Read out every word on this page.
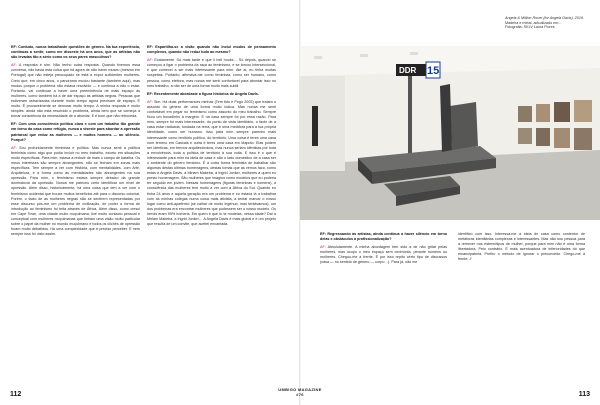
EF: Contudo, nunca trabalhaste questões de género. Na tua experiência, continuas a sentir, como me disseste há uns anos, que as artistas não são levadas tão a sério como os seus pares masculinos?

AF: A resposta é sim. Não tenho outra resposta. Quando tivemos essa conversa, não havia esta coisa que há agora de não haver museu (mesmo em Portugal) que não esteja preocupado se está a expor suficientes mulheres. Creio que, em cinco anos, o panorama mudou bastante (também aqui), mas mudou porque o problema não estava resolvido — e continua a não o estar. Portanto, vai continuar a haver uma preeminência de mais espaço às mulheres, como também há a de dar espaço às artistas negras. Pessoas que estiveram ostracizadas durante muito tempo agora precisam de espaço. É muito. É provavelmente se demorar muito tempo. A minha resposta é muito simples: ainda não está resolvido o problema, ainda bem que se começa a tornar consciência da necessidade de a abordar. E é bom que não retroceda.

EF: Com uma consciência política clara e com um trabalho tão grande em torno da casa como refúgio, nunca a viseste para abordar a opressão patriarcal que reduz as mulheres — e muitos homens — ao silêncio. Porquê?

AF: Sou profundamente feminista e política. Mas nunca senti a política feminista como algo que podia incluir no meu trabalho, exceto em situações muito específicas. Para mim, estava a reduzir de mais o campo de batalha. Os meus interesses são sempre abrangentes, não se fecham em zonas mais específicas. Tem sempre a ver com História, com mentalidades, com Arte, Arquitetura, e a forma como as mentalidades são abrangentes na sua opressão. Para mim, o feminismo estava sempre debaixo da grande dominância da opressão. Nunca me pareceu certo identificar um nível de opressão. Além disso, historicamente, há uma coisa que tem a ver com o feminismo ocidental que trouxe muitos benefícios até para o discurso colonial. Porém, o facto de as mulheres negras não se sentirem representadas por esse discurso pós-me um problema de civilização, de poder a forma de introdução ao feminismo foi feita através de África. Além disso, como cresci em Cape Town, uma cidade muito muçulmana, tive muito contacto pessoal e conceptual com mulheres muçulmanas que tinham uma visão muito particular sobre o papel da mulher no mundo muçulmano e todos os clichés de opressão foram muito debatidos. Há uma complexidade que é preciso perceber. E nem sempre isso foi visto assim.

EF: Espartilha-se a visão quando não inclui modos de pensamento complexos, quando não reduz tudo ao mesmo?

AF: Exatamente. Só mais tarde é que li bell hooks… Só depois, quando se começou a ligar o problema da raça ao feminismo, e se tornou interseccional, é que comecei a ser mais interessante para mim. Até aí, eu tinha muitas suspeitas. Portanto, afirmava-me como feminista, como ser humano, como pessoa, como eleitora, mas nunca me senti confortável para abordar isso no meu trabalho, a não ser de uma forma muito mais subtil.

EF: Recentemente abordaste a figura histórica de Angela Davis.

AF: Sim. Há duas performances minhas (Tem tido e Pego 2003) que tratam o assunto do género de uma forma muito lúdica. Mas nunca me senti confortável em pegar no feminismo como assunto do meu trabalho. Sempre ficou um bocadinho à margem. E na casa sempre foi por essa razão. Para mim, sempre foi mais interessante, do ponto de vista identitário, o facto de a casa estar radicada, fundada na terra, que é uma metáfora para a tua própria identidade, como ser humano. Isso para mim sempre pareceu mais interessante como território político, do território. Uma coisa é teres uma casa num terreno em Cascais e outra é teres uma casa em Maputo. Elas podem ser idênticas, em termos arquitectónicos, mas nunca seriam idênticas por toda a envolvência, toda a política de território à sua volta. E isso é o que é interessante para mim na ideia de casa e não o lado doméstico de a casa ser o ambiente do género feminino. É a outra forma feminista de trabalhar são algumas destas últimas homenagens, destas tomas que as vemos fazo, como estas à Angela Davis, à Miriam Makeba, à Ingrid Jonker, mulheres a quem eu presto homenagem. São mulheres que imagino como modelos que eu poderia ter seguido em jovem. Nessas homenagens (figuras femininas e homens), a consciência das mulheres tem muito a ver com a África do Sul. Quando eu tinha 24 anos e aquela geração era um problema e eu estava lá a trabalhar com as minhas colegas numa coisa mais ativista, a tentar marcar o nosso lugar como anti-apartheid (se calhar de modo ingénuo, mas tentávamos), um dos problemas era encontrar mulheres que pudessem ser o nosso modelo. Os heróis eram 99% homens. Em quem é que tu te modelas, nessa idade? Daí a Miriam Makeba, a Ingrid Jonker… A Angela Davis é mais global e é um projeto que resulta de um convite, que aceitei encantada.

Angela & Million Rover (for Angela Davis), 2016.
Madeira e metal, actualizado em...
Fotografia: SKLV Laura Flores
DDR 15

EF: Regressando às artistas, ainda continua a haver silêncio em torno delas e obstáculos à profissionalização?

AF: Absolutamente. A minha abordagem tem sido a de não gritar pelas mulheres, mas ocupo o meu espaço sem cerimónia, perante homens ou mulheres. Chegou-me a frente. É por isso repito certo tipo de discussos (casa — no sentido de género — corpo…). Para já, não me

identifico com isso. Interessa-me a ideia de casa como contentor de metáforas identitárias complexas e interessantes. Mas não sou pessoa para a remexer nos estereótipos de mulher, porque para mim não é uma forma libertadora. Pelo contrário. É mais acentuadora de inferioridades do que emancipatória. Prefiro o método de ignorar o preconceito. Chego-me à frente. //

112
UMBIGO MAGAZINE #76	113
